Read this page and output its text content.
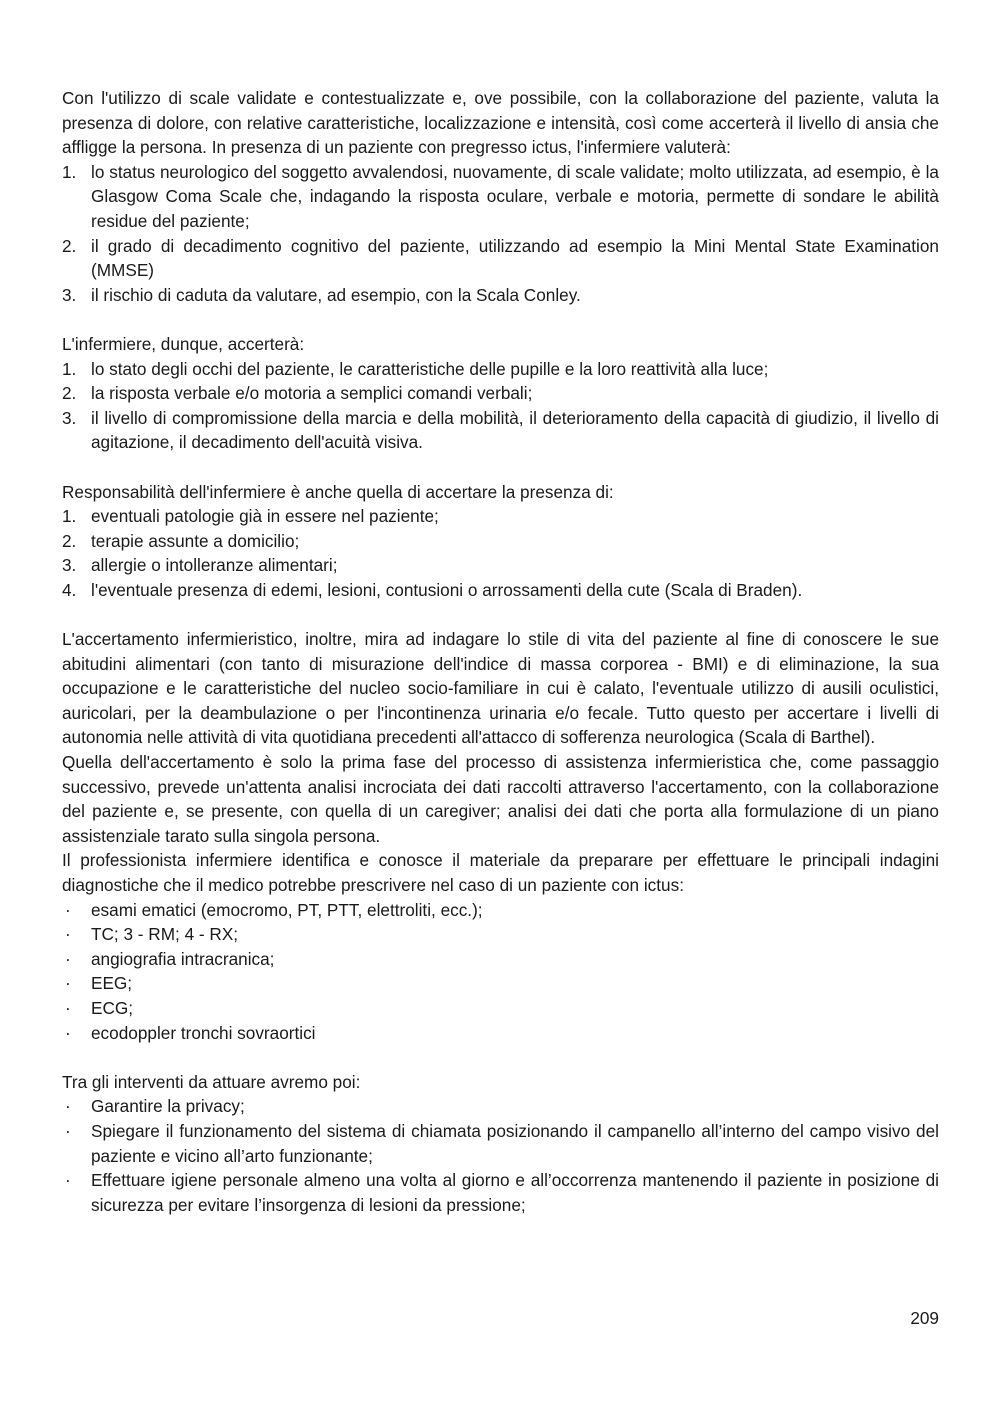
Con l'utilizzo di scale validate e contestualizzate e, ove possibile, con la collaborazione del paziente, valuta la presenza di dolore, con relative caratteristiche, localizzazione e intensità, così come accerterà il livello di ansia che affligge la persona. In presenza di un paziente con pregresso ictus, l'infermiere valuterà:

1. lo status neurologico del soggetto avvalendosi, nuovamente, di scale validate; molto utilizzata, ad esempio, è la Glasgow Coma Scale che, indagando la risposta oculare, verbale e motoria, permette di sondare le abilità residue del paziente;
2. il grado di decadimento cognitivo del paziente, utilizzando ad esempio la Mini Mental State Examination (MMSE)
3. il rischio di caduta da valutare, ad esempio, con la Scala Conley.

L'infermiere, dunque, accerterà:

1. lo stato degli occhi del paziente, le caratteristiche delle pupille e la loro reattività alla luce;
2. la risposta verbale e/o motoria a semplici comandi verbali;
3. il livello di compromissione della marcia e della mobilità, il deterioramento della capacità di giudizio, il livello di agitazione, il decadimento dell'acuità visiva.

Responsabilità dell'infermiere è anche quella di accertare la presenza di:

1. eventuali patologie già in essere nel paziente;
2. terapie assunte a domicilio;
3. allergie o intolleranze alimentari;
4. l'eventuale presenza di edemi, lesioni, contusioni o arrossamenti della cute (Scala di Braden).

L'accertamento infermieristico, inoltre, mira ad indagare lo stile di vita del paziente al fine di conoscere le sue abitudini alimentari (con tanto di misurazione dell'indice di massa corporea - BMI) e di eliminazione, la sua occupazione e le caratteristiche del nucleo socio-familiare in cui è calato, l'eventuale utilizzo di ausili oculistici, auricolari, per la deambulazione o per l'incontinenza urinaria e/o fecale. Tutto questo per accertare i livelli di autonomia nelle attività di vita quotidiana precedenti all'attacco di sofferenza neurologica (Scala di Barthel).

Quella dell'accertamento è solo la prima fase del processo di assistenza infermieristica che, come passaggio successivo, prevede un'attenta analisi incrociata dei dati raccolti attraverso l'accertamento, con la collaborazione del paziente e, se presente, con quella di un caregiver; analisi dei dati che porta alla formulazione di un piano assistenziale tarato sulla singola persona.

Il professionista infermiere identifica e conosce il materiale da preparare per effettuare le principali indagini diagnostiche che il medico potrebbe prescrivere nel caso di un paziente con ictus:

· esami ematici (emocromo, PT, PTT, elettroliti, ecc.);
· TC; 3 - RM; 4 - RX;
· angiografia intracranica;
· EEG;
· ECG;
· ecodoppler tronchi sovraortici

Tra gli interventi da attuare avremo poi:

· Garantire la privacy;
· Spiegare il funzionamento del sistema di chiamata posizionando il campanello all’interno del campo visivo del paziente e vicino all’arto funzionante;
· Effettuare igiene personale almeno una volta al giorno e all’occorrenza mantenendo il paziente in posizione di sicurezza per evitare l’insorgenza di lesioni da pressione;
209
